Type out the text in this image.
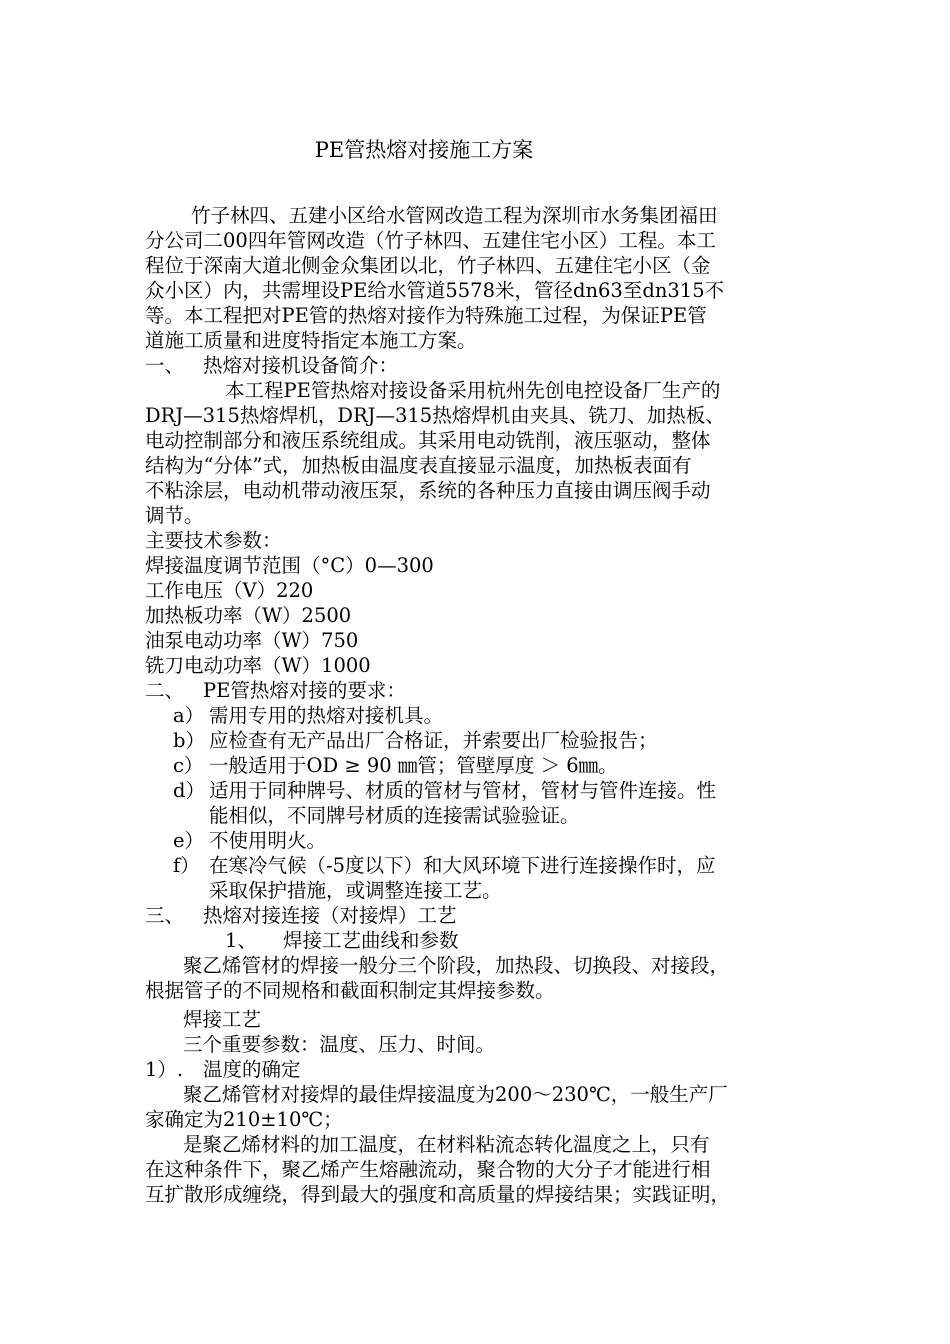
PE管热熔对接施工方案
竹子林四、五建小区给水管网改造工程为深圳市水务集团福田
分公司二00四年管网改造（竹子林四、五建住宅小区）工程。本工
程位于深南大道北侧金众集团以北，竹子林四、五建住宅小区（金
众小区）内，共需埋设PE给水管道5578米，管径dn63至dn315不
等。本工程把对PE管的热熔对接作为特殊施工过程，为保证PE管
道施工质量和进度特指定本施工方案。
一、 热熔对接机设备简介：
本工程PE管热熔对接设备采用杭州先创电控设备厂生产的
DRJ—315热熔焊机，DRJ—315热熔焊机由夹具、铣刀、加热板、
电动控制部分和液压系统组成。其采用电动铣削，液压驱动，整体
结构为“分体”式，加热板由温度表直接显示温度，加热板表面有
不粘涂层，电动机带动液压泵，系统的各种压力直接由调压阀手动
调节。
主要技术参数：
焊接温度调节范围（°C）0—300
工作电压（V）220
加热板功率（W）2500
油泵电动功率（W）750
铣刀电动功率（W）1000
二、 PE管热熔对接的要求：
a） 需用专用的热熔对接机具。
b） 应检查有无产品出厂合格证，并索要出厂检验报告；
c） 一般适用于OD ≥ 90 ㎜管；管壁厚度 ＞ 6㎜。
d） 适用于同种牌号、材质的管材与管材，管材与管件连接。性
能相似，不同牌号材质的连接需试验验证。
e） 不使用明火。
f） 在寒冷气候（-5度以下）和大风环境下进行连接操作时，应
采取保护措施，或调整连接工艺。
三、 热熔对接连接（对接焊）工艺
1、	焊接工艺曲线和参数
聚乙烯管材的焊接一般分三个阶段，加热段、切换段、对接段，
根据管子的不同规格和截面积制定其焊接参数。
焊接工艺
三个重要参数：温度、压力、时间。
1）.	温度的确定
聚乙烯管材对接焊的最佳焊接温度为200～230℃，一般生产厂
家确定为210±10℃；
是聚乙烯材料的加工温度，在材料粘流态转化温度之上，只有
在这种条件下，聚乙烯产生熔融流动，聚合物的大分子才能进行相
互扩散形成缠绕，得到最大的强度和高质量的焊接结果；实践证明，
